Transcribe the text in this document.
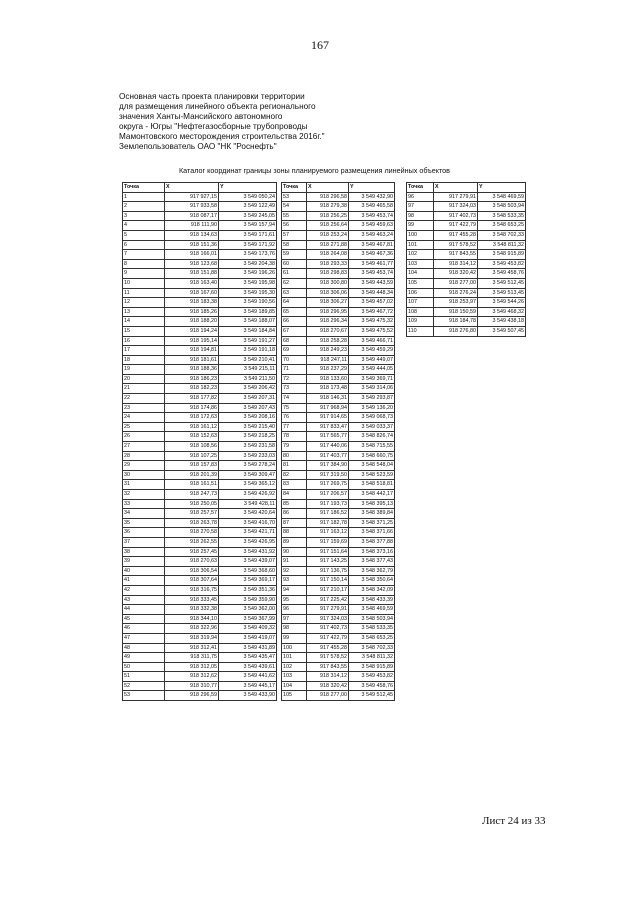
167
Основная часть проекта планировки территории
для размещения линейного объекта регионального
значения Ханты-Мансийского автономного
округа - Югры "Нефтегазосборные трубопроводы
Мамонтовского месторождения строительства 2016г."
Землепользователь ОАО "НК "Роснефть"
Каталог координат границы зоны планируемого размещения линейных объектов
Точка	X	Y
1	917 927,15	3 549 050,24
2	917 933,58	3 549 122,49
3	918 087,17	3 549 245,05
4	918 111,90	3 549 157,94
5	918 134,63	3 549 171,61
6	918 151,36	3 549 171,92
7	918 166,01	3 549 173,76
8	918 123,68	3 549 204,38
9	918 151,88	3 549 196,26
10	918 163,40	3 549 195,98
11	918 167,60	3 549 195,30
12	918 183,38	3 549 190,56
13	918 185,26	3 549 189,85
14	918 188,20	3 549 188,07
15	918 194,24	3 549 184,84
16	918 195,14	3 549 191,27
17	918 194,81	3 549 191,18
18	918 181,61	3 549 210,41
19	918 188,36	3 549 215,11
20	918 186,23	3 549 211,50
21	918 182,23	3 549 206,42
22	918 177,82	3 549 207,31
23	918 174,86	3 549 207,43
24	918 172,63	3 549 208,16
25	918 161,12	3 549 215,40
26	918 152,63	3 549 218,25
27	918 108,56	3 549 231,58
28	918 107,25	3 549 233,03
29	918 157,83	3 549 278,24
30	918 201,39	3 549 309,47
31	918 161,51	3 549 365,12
32	918 247,73	3 549 426,92
33	918 250,05	3 549 428,11
34	918 257,57	3 549 420,64
35	918 263,78	3 549 416,70
36	918 270,58	3 549 421,71
37	918 262,55	3 549 426,95
38	918 257,45	3 549 431,92
39	918 270,63	3 549 439,07
40	918 306,54	3 549 368,60
41	918 307,64	3 549 369,17
42	918 316,75	3 549 351,36
43	918 333,45	3 549 359,90
44	918 332,38	3 549 362,00
45	918 344,10	3 549 367,99
46	918 322,96	3 549 409,32
47	918 319,94	3 549 419,07
48	918 312,41	3 549 431,89
49	918 311,75	3 549 435,47
50	918 312,05	3 549 439,61
51	918 312,62	3 549 441,62
52	918 310,77	3 549 445,17
53	918 296,59	3 549 433,90
Точка	X	Y
53	918 296,58	3 549 432,90
54	918 279,38	3 549 465,58
55	918 256,25	3 549 453,74
56	918 256,64	3 549 459,63
57	918 253,24	3 549 463,24
58	918 271,88	3 549 467,81
59	918 264,08	3 549 467,36
60	918 293,33	3 549 461,77
61	918 298,83	3 549 453,74
62	918 300,80	3 549 443,59
63	918 306,06	3 549 448,34
64	918 306,27	3 549 457,02
65	918 296,95	3 549 467,72
66	918 296,34	3 549 475,32
67	918 270,67	3 549 475,52
68	918 258,28	3 549 466,71
69	918 249,23	3 549 459,29
70	918 247,11	3 549 449,07
71	918 237,29	3 549 444,05
72	918 133,60	3 549 369,71
73	918 173,48	3 549 314,06
74	918 146,31	3 549 293,87
75	917 968,94	3 549 136,20
76	917 914,65	3 549 068,73
77	917 833,47	3 549 033,37
78	917 565,77	3 548 826,74
79	917 440,06	3 548 715,55
80	917 403,77	3 548 660,75
81	917 384,90	3 548 548,04
82	917 319,50	3 548 523,59
83	917 269,75	3 548 518,81
84	917 206,57	3 548 442,17
85	917 193,73	3 548 395,13
86	917 186,52	3 548 389,84
87	917 182,78	3 548 371,25
88	917 163,12	3 548 371,66
89	917 159,69	3 548 377,88
90	917 151,64	3 548 373,16
91	917 143,25	3 548 377,43
92	917 136,75	3 548 362,79
93	917 150,14	3 548 350,64
94	917 210,17	3 548 342,09
95	917 225,42	3 548 433,39
96	917 279,91	3 548 469,59
97	917 324,03	3 548 503,94
98	917 402,73	3 548 533,35
99	917 422,79	3 548 653,25
100	917 455,28	3 548 702,33
101	917 578,52	3 548 811,32
102	917 843,55	3 548 915,89
103	918 314,12	3 549 453,82
104	918 320,42	3 549 458,76
105	918 277,00	3 549 512,45
Точка	X	Y
96	917 279,91	3 548 469,59
97	917 324,03	3 548 503,94
98	917 402,73	3 548 533,35
99	917 422,79	3 548 653,25
100	917 455,28	3 548 702,33
101	917 578,52	3 548 811,32
102	917 843,55	3 548 915,89
103	918 314,12	3 549 453,82
104	918 320,42	3 549 458,76
105	918 277,00	3 549 512,45
106	918 276,24	3 549 513,45
107	918 253,97	3 549 544,26
108	918 150,59	3 549 468,32
109	918 184,78	3 549 438,18
110	918 276,80	3 549 507,45
Лист 24 из 33
